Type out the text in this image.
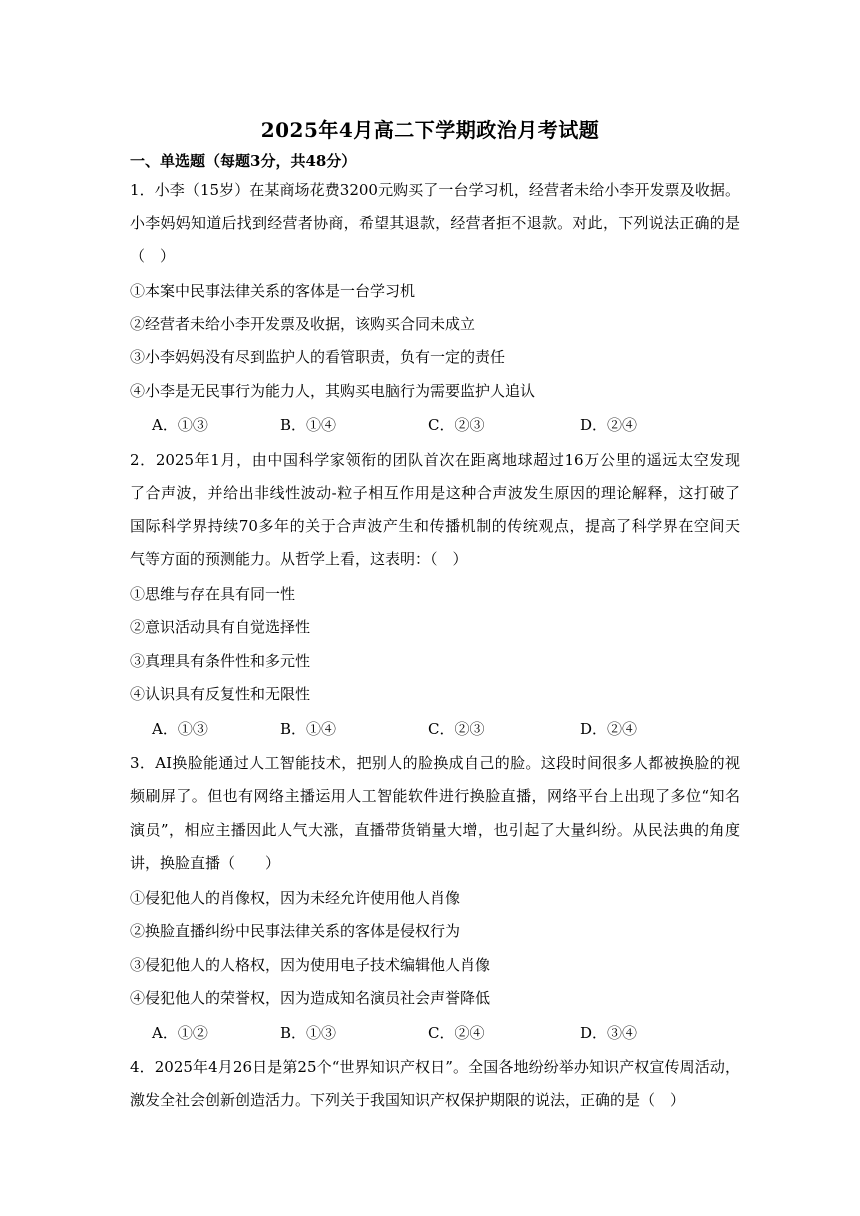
2025年4月高二下学期政治月考试题
一、单选题（每题3分，共48分）
1．小李（15岁）在某商场花费3200元购买了一台学习机，经营者未给小李开发票及收据。
小李妈妈知道后找到经营者协商，希望其退款，经营者拒不退款。对此，下列说法正确的是
（　）
①本案中民事法律关系的客体是一台学习机
②经营者未给小李开发票及收据，该购买合同未成立
③小李妈妈没有尽到监护人的看管职责，负有一定的责任
④小李是无民事行为能力人，其购买电脑行为需要监护人追认
A．①③	B．①④	C．②③	D．②④
2．2025年1月，由中国科学家领衔的团队首次在距离地球超过16万公里的遥远太空发现
了合声波，并给出非线性波动-粒子相互作用是这种合声波发生原因的理论解释，这打破了
国际科学界持续70多年的关于合声波产生和传播机制的传统观点，提高了科学界在空间天
气等方面的预测能力。从哲学上看，这表明：（　）
①思维与存在具有同一性
②意识活动具有自觉选择性
③真理具有条件性和多元性
④认识具有反复性和无限性
A．①③	B．①④	C．②③	D．②④
3．AI换脸能通过人工智能技术，把别人的脸换成自己的脸。这段时间很多人都被换脸的视
频刷屏了。但也有网络主播运用人工智能软件进行换脸直播，网络平台上出现了多位“知名
演员”，相应主播因此人气大涨，直播带货销量大增，也引起了大量纠纷。从民法典的角度
讲，换脸直播（　　）
①侵犯他人的肖像权，因为未经允许使用他人肖像
②换脸直播纠纷中民事法律关系的客体是侵权行为
③侵犯他人的人格权，因为使用电子技术编辑他人肖像
④侵犯他人的荣誉权，因为造成知名演员社会声誉降低
A．①②	B．①③	C．②④	D．③④
4．2025年4月26日是第25个“世界知识产权日”。全国各地纷纷举办知识产权宣传周活动，
激发全社会创新创造活力。下列关于我国知识产权保护期限的说法，正确的是（　）
